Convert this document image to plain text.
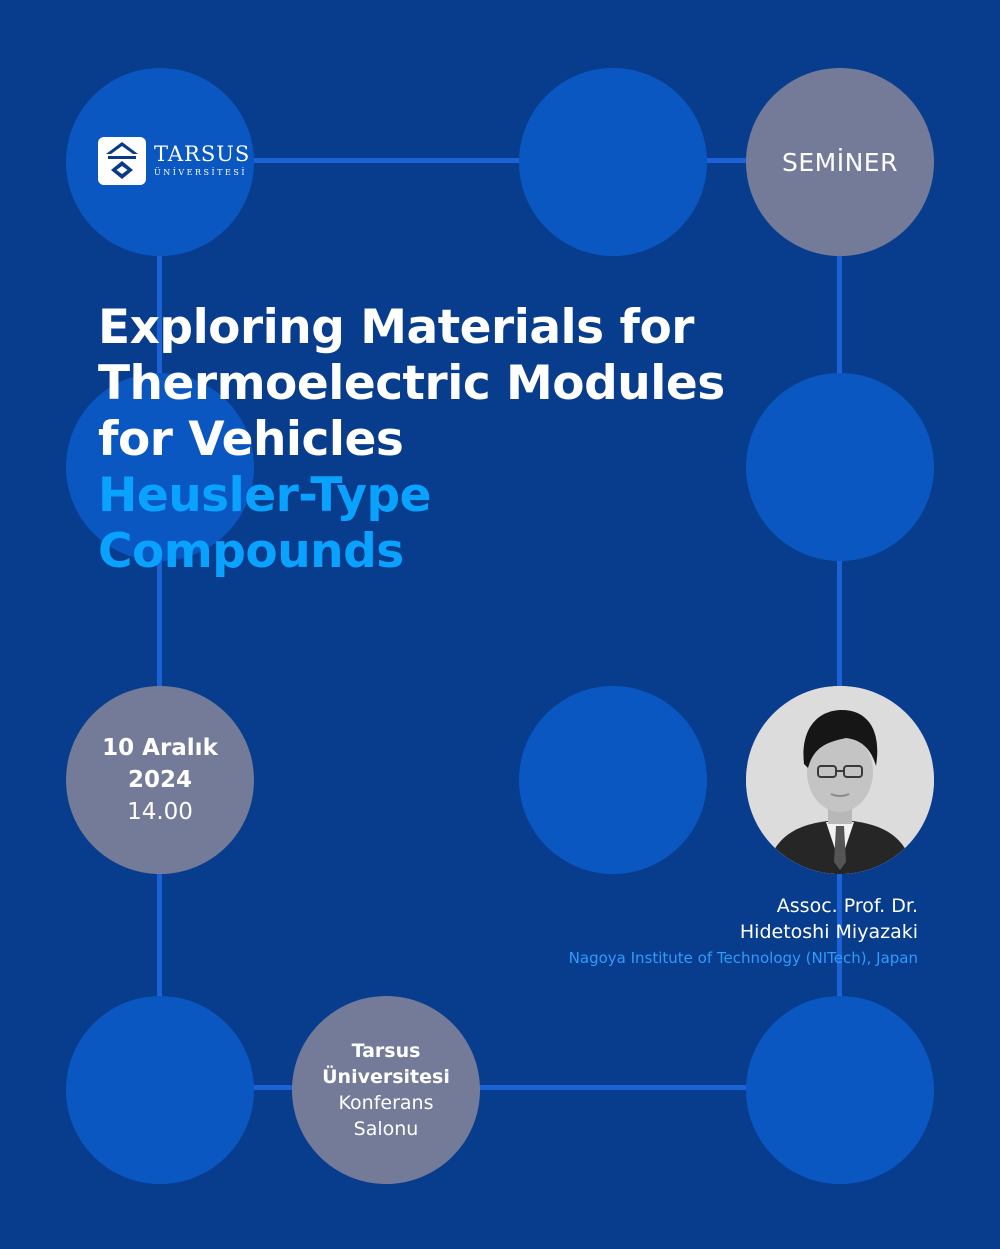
TARSUS
ÜNİVERSİTESİ	SEMİNER
Exploring Materials for
Thermoelectric Modules
for Vehicles
Heusler-Type
Compounds
10 Aralık
2024
14.00
Tarsus
Üniversitesi
Konferans
Salonu
Assoc. Prof. Dr.
Hidetoshi Miyazaki
Nagoya Institute of Technology (NITech), Japan
